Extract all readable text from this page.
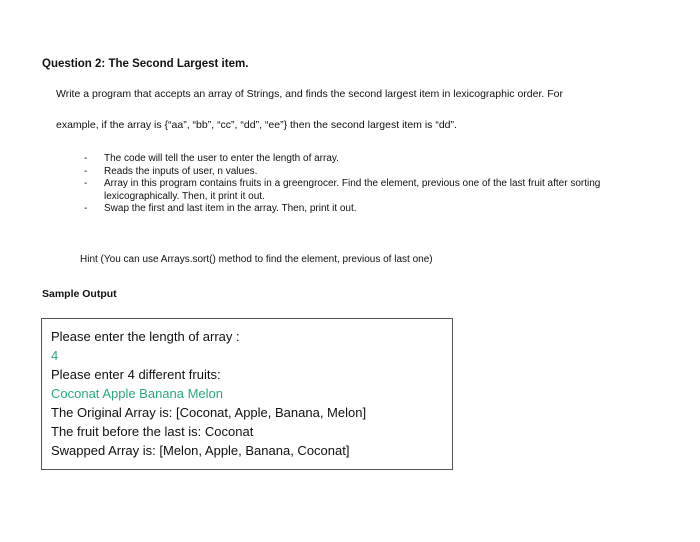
Question 2: The Second Largest item.
Write a program that accepts an array of Strings, and finds the second largest item in lexicographic order. For
example, if the array is {“aa”, “bb”, “cc”, “dd”, “ee”} then the second largest item is “dd”.
- The code will tell the user to enter the length of array.
- Reads the inputs of user, n values.
- Array in this program contains fruits in a greengrocer. Find the element, previous one of the last fruit after sorting lexicographically. Then, it print it out.
- Swap the first and last item in the array. Then, print it out.
Hint (You can use Arrays.sort() method to find the element, previous of last one)
Sample Output
Please enter the length of array :
4
Please enter 4 different fruits:
Coconat Apple Banana Melon
The Original Array is: [Coconat, Apple, Banana, Melon]
The fruit before the last is: Coconat
Swapped Array is: [Melon, Apple, Banana, Coconat]
